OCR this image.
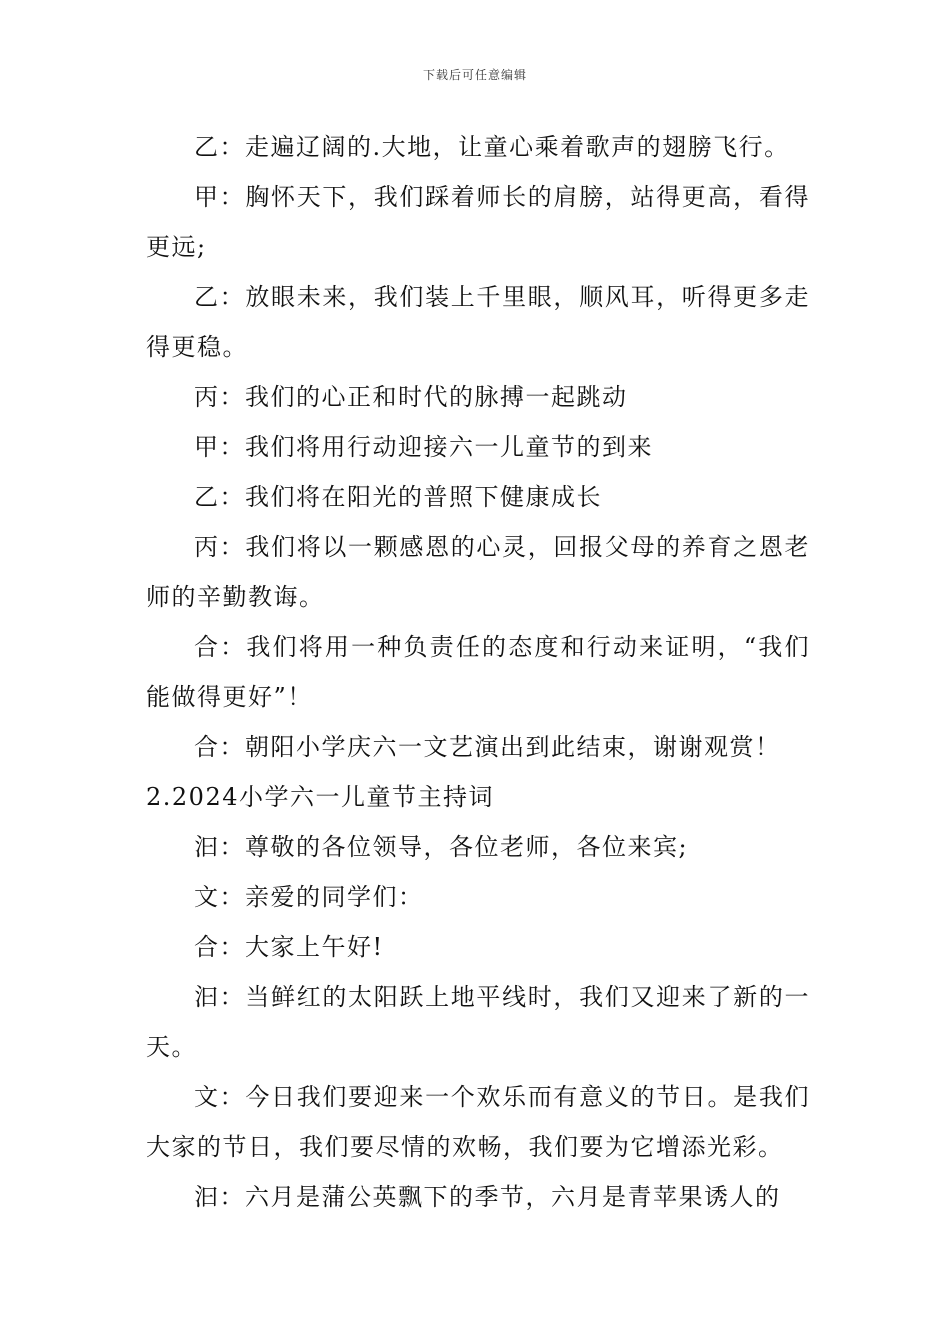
下载后可任意编辑

乙：走遍辽阔的.大地，让童心乘着歌声的翅膀飞行。

甲：胸怀天下，我们踩着师长的肩膀，站得更高，看得更远;

乙：放眼未来，我们装上千里眼，顺风耳，听得更多走得更稳。

丙：我们的心正和时代的脉搏一起跳动

甲：我们将用行动迎接六一儿童节的到来

乙：我们将在阳光的普照下健康成长

丙：我们将以一颗感恩的心灵，回报父母的养育之恩老师的辛勤教诲。

合：我们将用一种负责任的态度和行动来证明，“我们能做得更好”！

合：朝阳小学庆六一文艺演出到此结束，谢谢观赏！

2.2024小学六一儿童节主持词

汩：尊敬的各位领导，各位老师，各位来宾;

文：亲爱的同学们：

合：大家上午好!

汩：当鲜红的太阳跃上地平线时，我们又迎来了新的一天。

文：今日我们要迎来一个欢乐而有意义的节日。是我们大家的节日，我们要尽情的欢畅，我们要为它增添光彩。

汩：六月是蒲公英飘下的季节，六月是青苹果诱人的
